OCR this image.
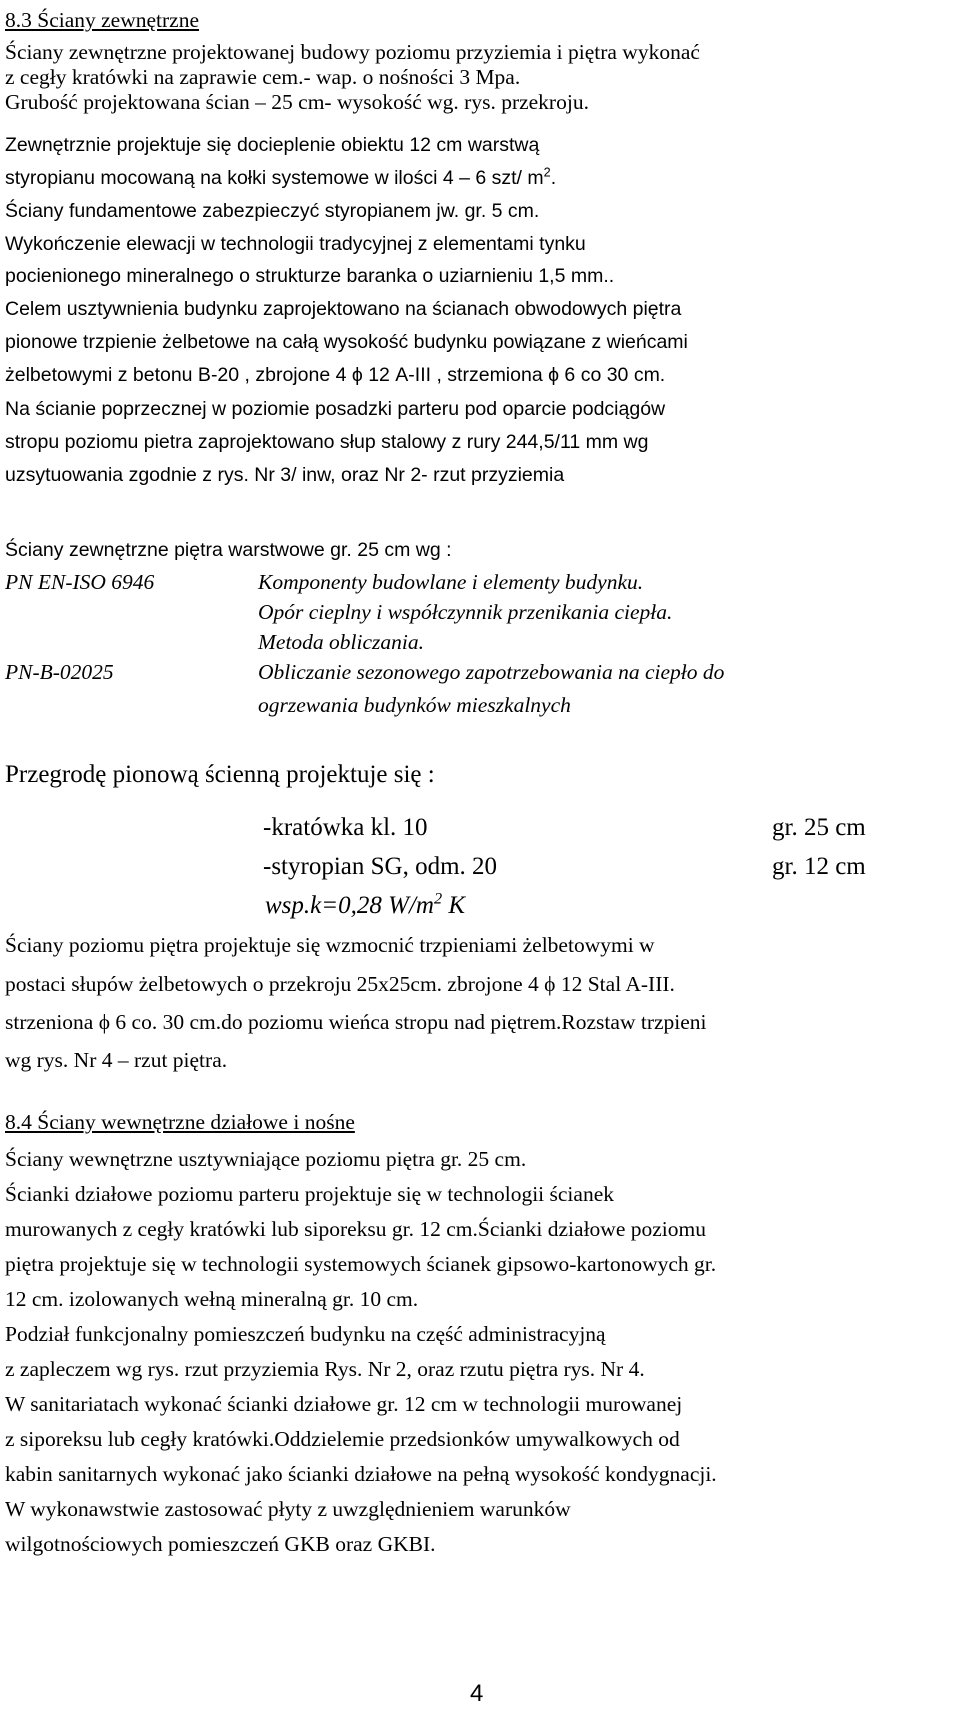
8.3 Ściany zewnętrzne
Ściany zewnętrzne projektowanej budowy poziomu przyziemia i piętra wykonać
z cegły kratówki na zaprawie cem.- wap. o nośności 3 Mpa.
Grubość projektowana ścian – 25 cm- wysokość wg. rys. przekroju.
Zewnętrznie projektuje się docieplenie obiektu 12 cm warstwą
styropianu mocowaną na kołki systemowe w ilości 4 – 6 szt/ $m^2$.
Ściany fundamentowe zabezpieczyć styropianem jw. gr. 5 cm.
Wykończenie elewacji w technologii tradycyjnej z elementami tynku
pocienionego mineralnego o strukturze baranka o uziarnieniu 1,5 mm..
Celem usztywnienia budynku zaprojektowano na ścianach obwodowych piętra
pionowe trzpienie żelbetowe na całą wysokość budynku powiązane z wieńcami
żelbetowymi z betonu B-20 , zbrojone 4 ϕ 12 A-III , strzemiona ϕ 6 co 30 cm.
Na ścianie poprzecznej w poziomie posadzki parteru pod oparcie podciągów
stropu poziomu pietra zaprojektowano słup stalowy z rury 244,5/11 mm wg
uzsytuowania zgodnie z rys. Nr 3/ inw, oraz Nr 2- rzut przyziemia
Ściany zewnętrzne piętra warstwowe gr. 25 cm wg :
PN EN-ISO 6946	Komponenty budowlane i elementy budynku.
Opór cieplny i współczynnik przenikania ciepła.
Metoda obliczania.
PN-B-02025	Obliczanie sezonowego zapotrzebowania na ciepło do
ogrzewania budynków mieszkalnych
Przegrodę pionową ścienną projektuje się :
-kratówka kl. 10	gr. 25 cm
-styropian SG, odm. 20	gr. 12 cm
wsp.k=0,28 $W/m^2$ K
Ściany poziomu piętra projektuje się wzmocnić trzpieniami żelbetowymi w
postaci słupów żelbetowych o przekroju 25x25cm. zbrojone 4 ϕ 12 Stal A-III.
strzeniona ϕ 6 co. 30 cm.do poziomu wieńca stropu nad piętrem.Rozstaw trzpieni
wg rys. Nr 4 – rzut piętra.
8.4 Ściany wewnętrzne działowe i nośne
Ściany wewnętrzne usztywniające poziomu piętra gr. 25 cm.
Ścianki działowe poziomu parteru projektuje się w technologii ścianek
murowanych z cegły kratówki lub siporeksu gr. 12 cm.Ścianki działowe poziomu
piętra projektuje się w technologii systemowych ścianek gipsowo-kartonowych gr.
12 cm. izolowanych wełną mineralną gr. 10 cm.
Podział funkcjonalny pomieszczeń budynku na część administracyjną
z zapleczem wg rys. rzut przyziemia Rys. Nr 2, oraz rzutu piętra rys. Nr 4.
W sanitariatach wykonać ścianki działowe gr. 12 cm w technologii murowanej
z siporeksu lub cegły kratówki.Oddzielemie przedsionków umywalkowych od
kabin sanitarnych wykonać jako ścianki działowe na pełną wysokość kondygnacji.
W wykonawstwie zastosować płyty z uwzględnieniem warunków
wilgotnościowych pomieszczeń GKB oraz GKBI.
4
